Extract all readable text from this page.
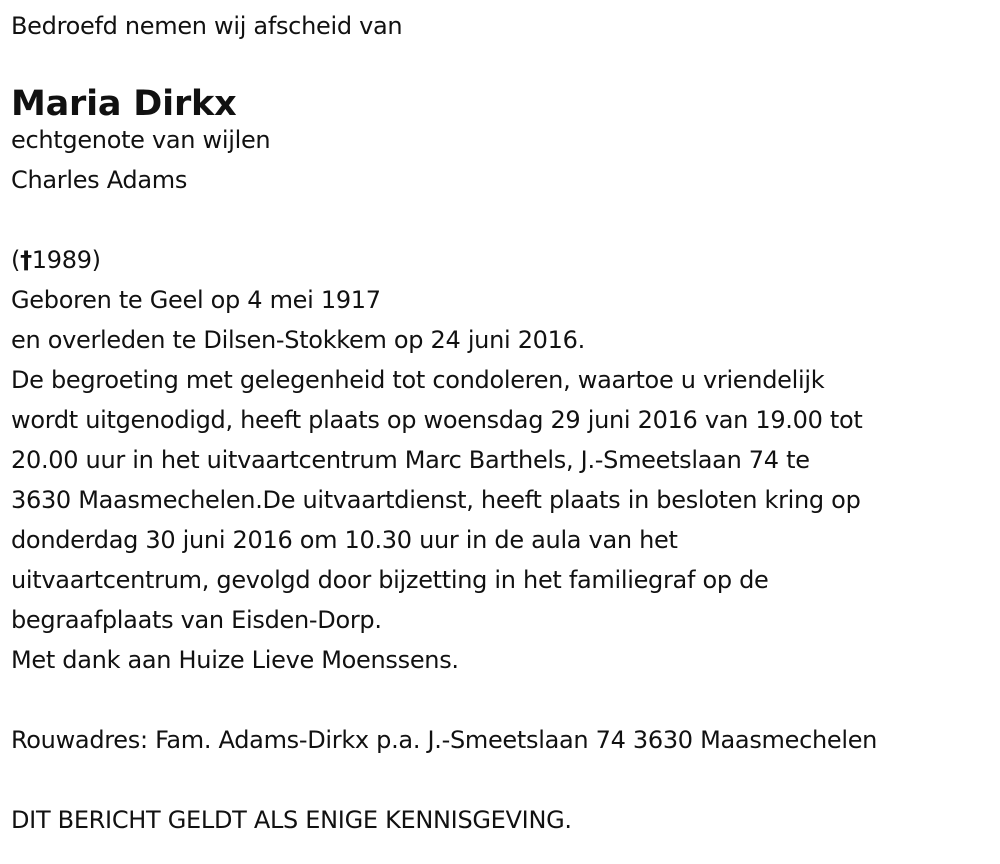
Bedroefd nemen wij afscheid van
Maria Dirkx
echtgenote van wijlen
Charles Adams
(†1989)
Geboren te Geel op 4 mei 1917
en overleden te Dilsen-Stokkem op 24 juni 2016.
De begroeting met gelegenheid tot condoleren, waartoe u vriendelijk
wordt uitgenodigd, heeft plaats op woensdag 29 juni 2016 van 19.00 tot
20.00 uur in het uitvaartcentrum Marc Barthels, J.-Smeetslaan 74 te
3630 Maasmechelen.De uitvaartdienst, heeft plaats in besloten kring op
donderdag 30 juni 2016 om 10.30 uur in de aula van het
uitvaartcentrum, gevolgd door bijzetting in het familiegraf op de
begraafplaats van Eisden-Dorp.
Met dank aan Huize Lieve Moenssens.
Rouwadres: Fam. Adams-Dirkx p.a. J.-Smeetslaan 74 3630 Maasmechelen
DIT BERICHT GELDT ALS ENIGE KENNISGEVING.
